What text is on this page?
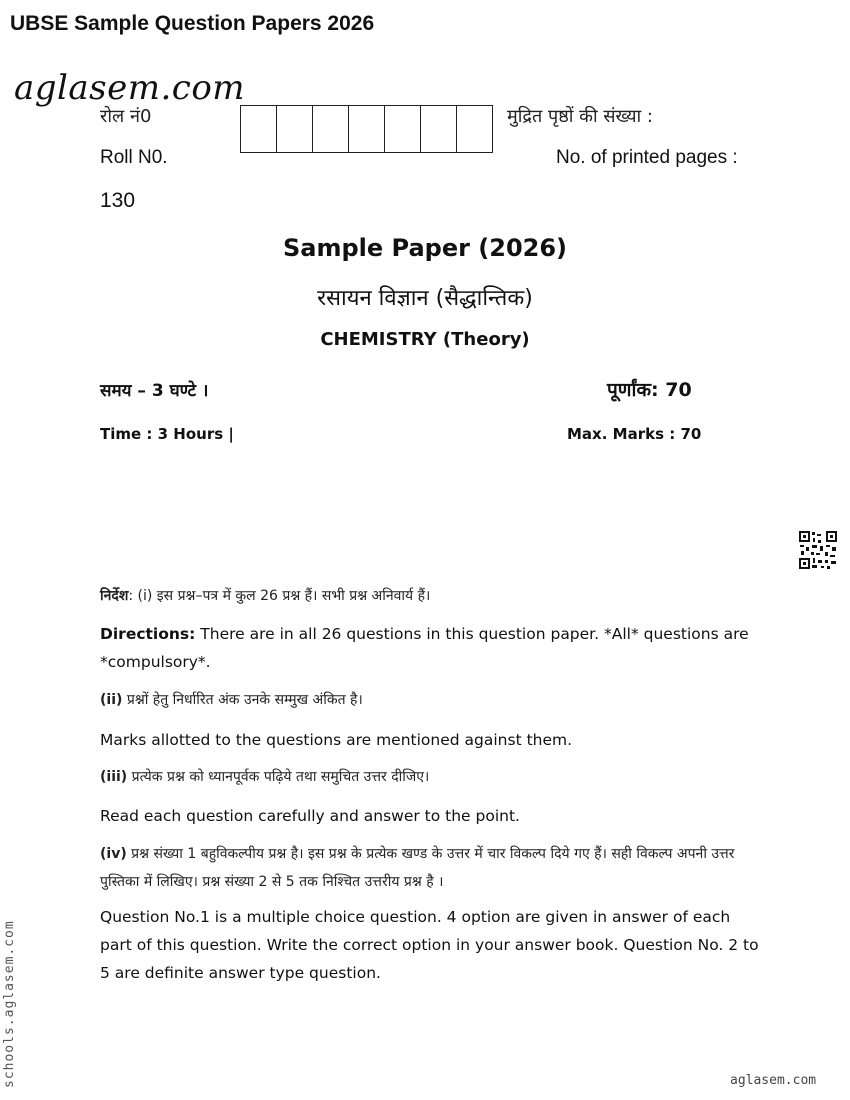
UBSE Sample Question Papers 2026
aglasem.com
रोल नं0	मुद्रित पृष्ठों की संख्या :
Roll N0.	No. of printed pages :
130
Sample Paper (2026)
रसायन विज्ञान (सैद्धान्तिक)
CHEMISTRY (Theory)
समय – 3 घण्टे ।	पूर्णांक: 70
Time : 3 Hours |	Max. Marks : 70
निर्देश: (i) इस प्रश्न–पत्र में कुल 26 प्रश्न हैं। सभी प्रश्न अनिवार्य हैं।
Directions: There are in all 26 questions in this question paper. *All* questions are *compulsory*.
(ii) प्रश्नों हेतु निर्धारित अंक उनके सम्मुख अंकित है।
Marks allotted to the questions are mentioned against them.
(iii) प्रत्येक प्रश्न को ध्यानपूर्वक पढ़िये तथा समुचित उत्तर दीजिए।
Read each question carefully and answer to the point.
(iv) प्रश्न संख्या 1 बहुविकल्पीय प्रश्न है। इस प्रश्न के प्रत्येक खण्ड के उत्तर में चार विकल्प दिये गए हैं। सही विकल्प अपनी उत्तर पुस्तिका में लिखिए। प्रश्न संख्या 2 से 5 तक निश्चित उत्तरीय प्रश्न है ।
Question No.1 is a multiple choice question. 4 option are given in answer of each part of this question. Write the correct option in your answer book. Question No. 2 to 5 are definite answer type question.
schools.aglasem.com	aglasem.com
